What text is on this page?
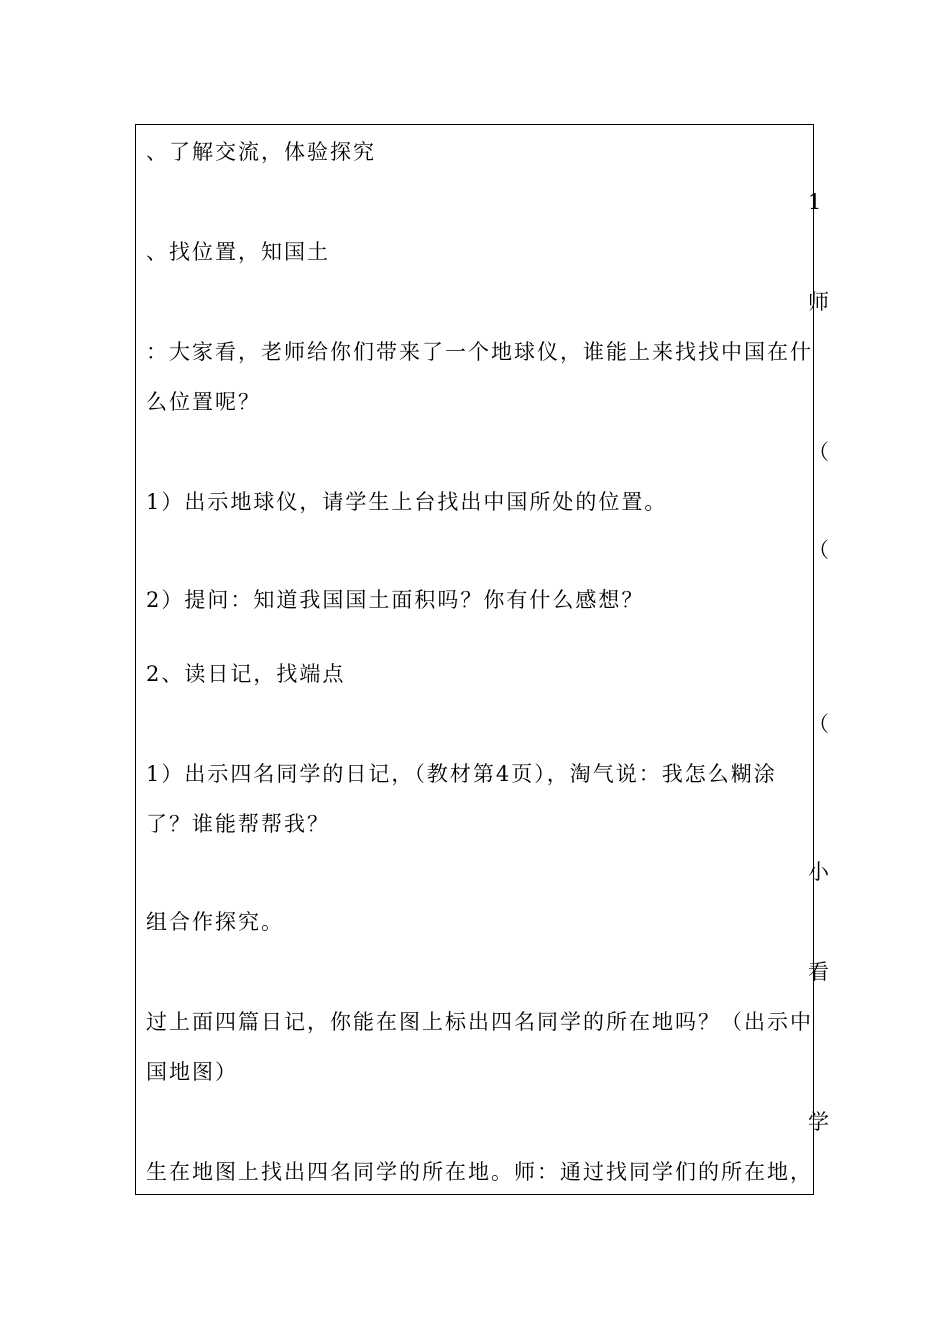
、了解交流，体验探究
、找位置，知国土
：大家看，老师给你们带来了一个地球仪，谁能上来找找中国在什
么位置呢？
1）出示地球仪，请学生上台找出中国所处的位置。
2）提问：知道我国国土面积吗？你有什么感想？
2、读日记，找端点
1）出示四名同学的日记，（教材第4页），淘气说：我怎么糊涂
了？谁能帮帮我？
组合作探究。
过上面四篇日记，你能在图上标出四名同学的所在地吗？（出示中
国地图）
生在地图上找出四名同学的所在地。师：通过找同学们的所在地，
1
师
（
（
（
小
看
学
